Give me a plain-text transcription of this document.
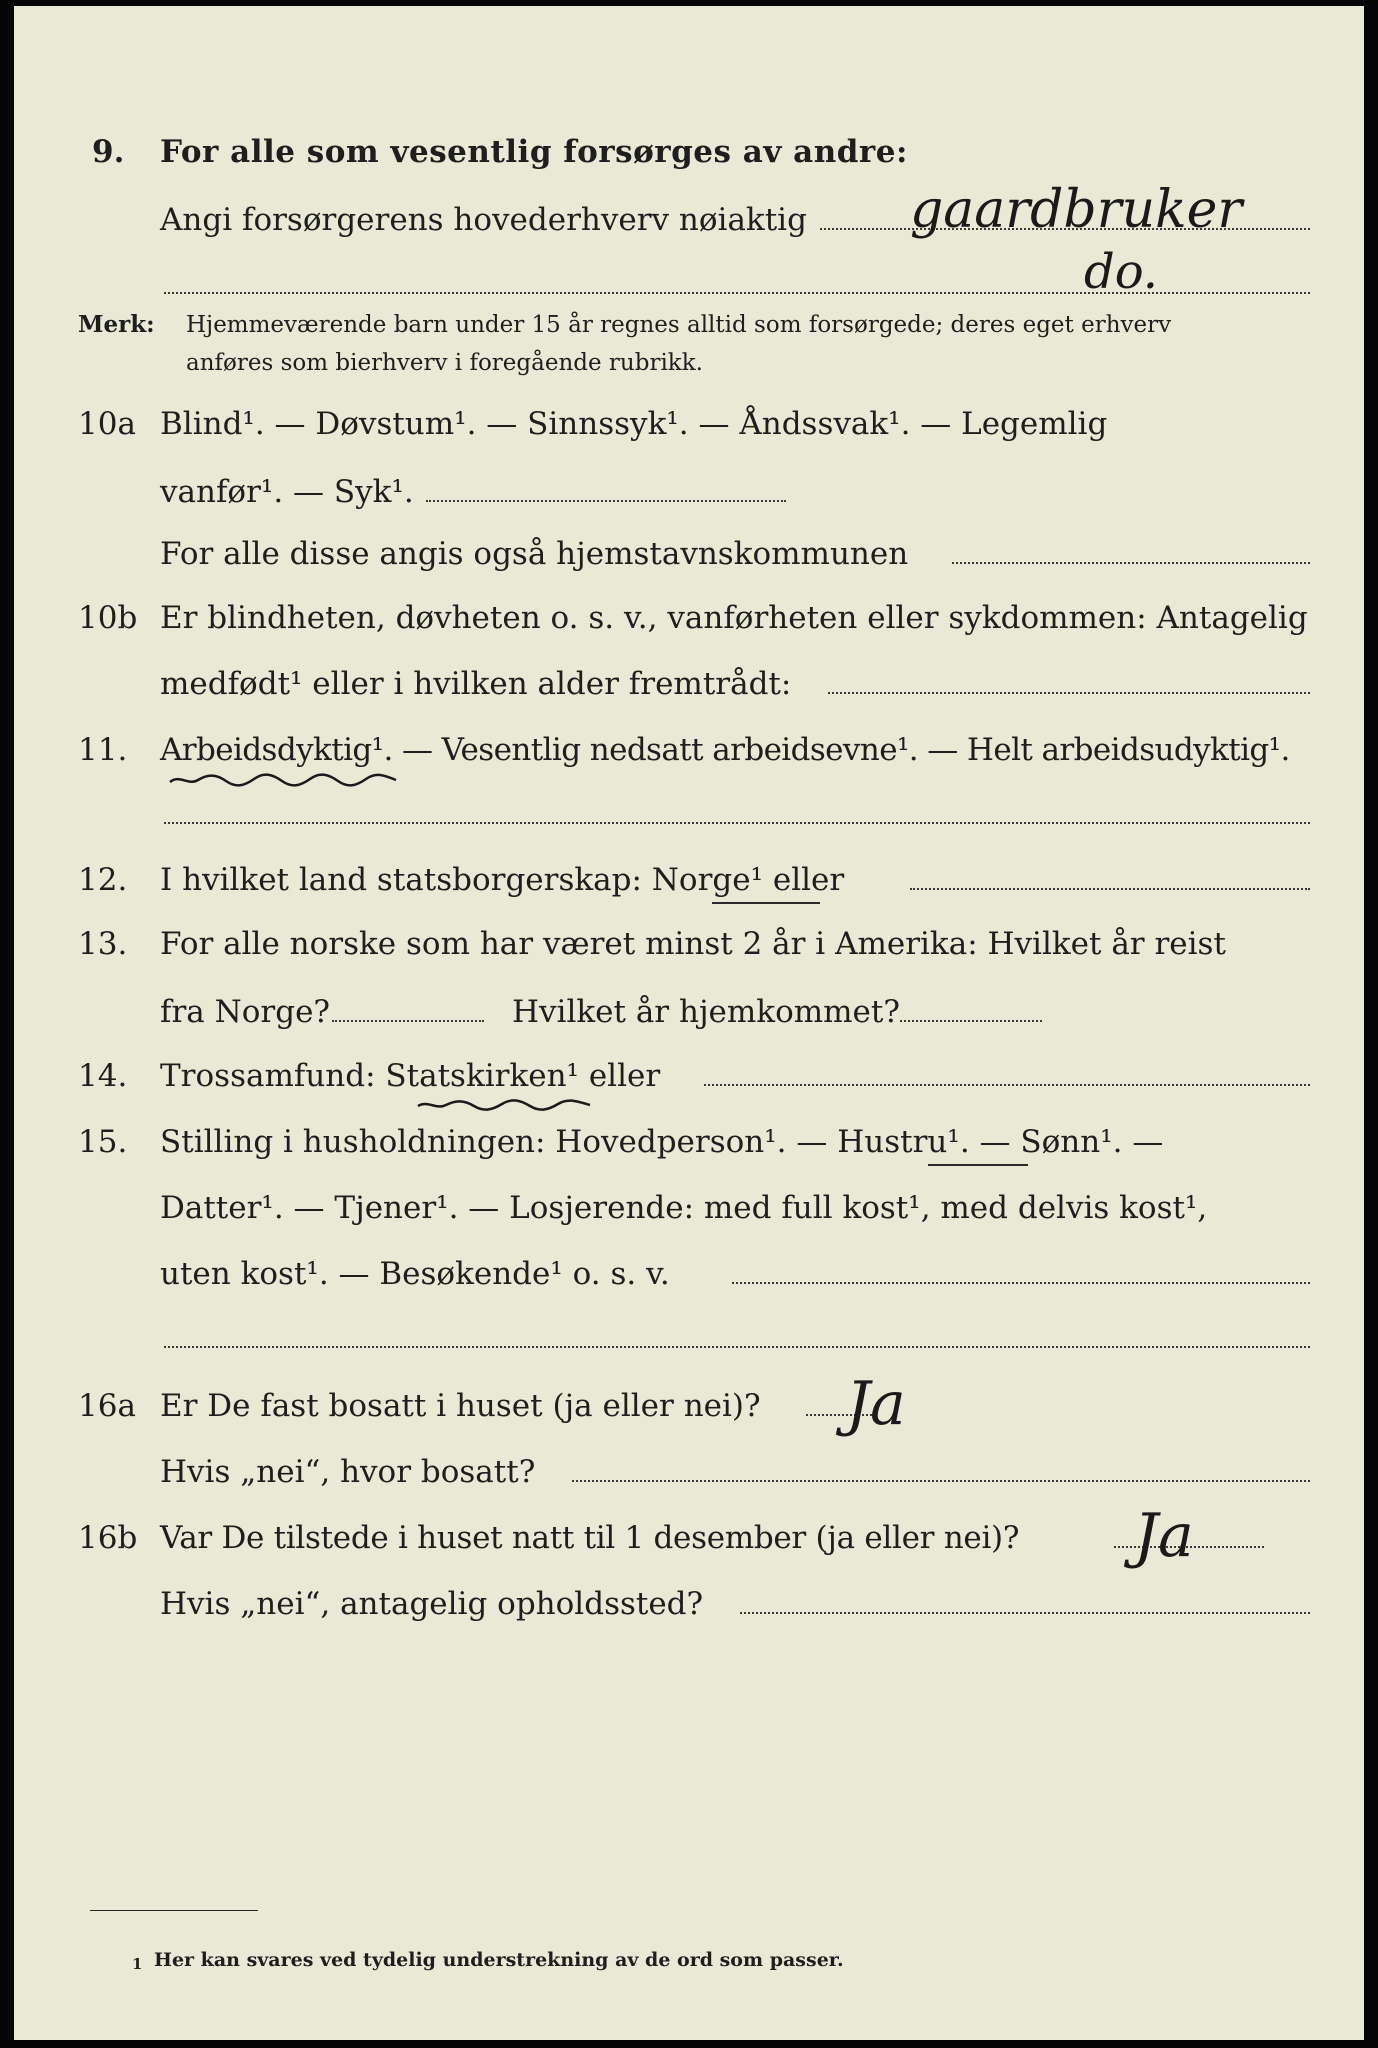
9. For alle som vesentlig forsørges av andre:
Angi forsørgerens hovederhverv nøiaktig gaardbruker
do.
Merk: Hjemmeværende barn under 15 år regnes alltid som forsørgede; deres eget erhverv
anføres som bierhverv i foregående rubrikk.
10a Blind¹. — Døvstum¹. — Sinnssyk¹. — Åndssvak¹. — Legemlig
vanfør¹. — Syk¹.
For alle disse angis også hjemstavnskommunen
10b Er blindheten, døvheten o. s. v., vanførheten eller sykdommen: Antagelig
medfødt¹ eller i hvilken alder fremtrådt:
11. Arbeidsdyktig¹. — Vesentlig nedsatt arbeidsevne¹. — Helt arbeidsudyktig¹.
12. I hvilket land statsborgerskap: Norge¹ eller
13. For alle norske som har været minst 2 år i Amerika: Hvilket år reist
fra Norge?	Hvilket år hjemkommet?
14. Trossamfund: Statskirken¹ eller
15. Stilling i husholdningen: Hovedperson¹. — Hustru¹. — Sønn¹. —
Datter¹. — Tjener¹. — Losjerende: med full kost¹, med delvis kost¹,
uten kost¹. — Besøkende¹ o. s. v.
16a Er De fast bosatt i huset (ja eller nei)? Ja
Hvis „nei“, hvor bosatt?
16b Var De tilstede i huset natt til 1 desember (ja eller nei)? Ja
Hvis „nei“, antagelig opholdssted?
1 Her kan svares ved tydelig understrekning av de ord som passer.
